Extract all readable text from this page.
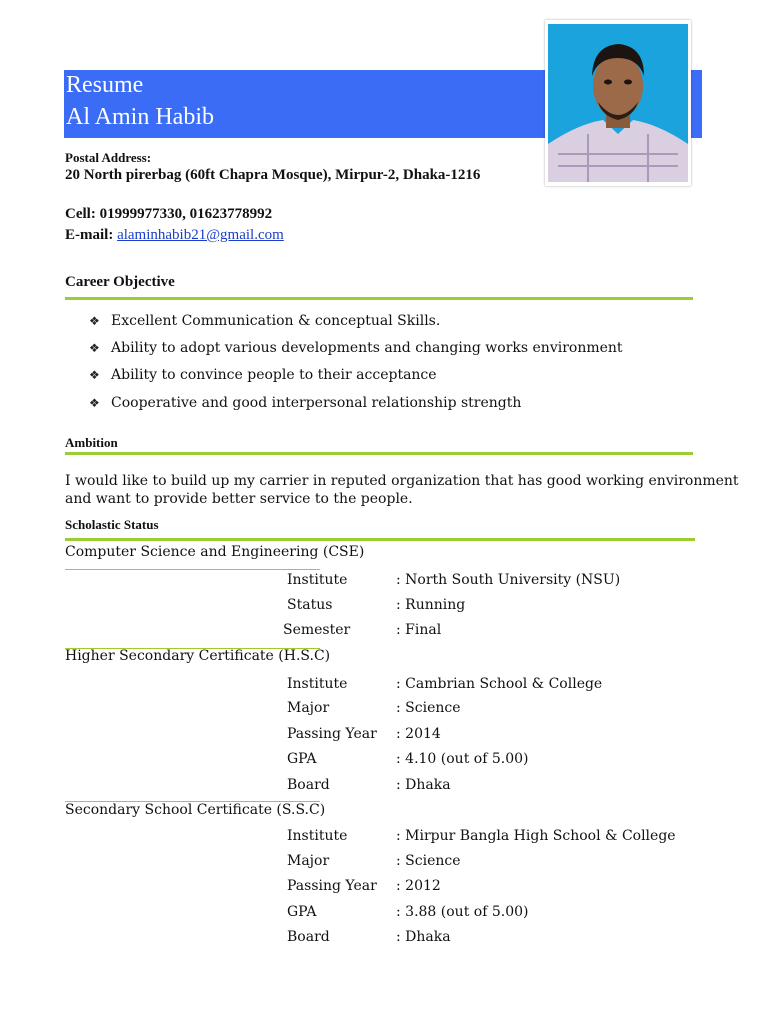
Resume
Al Amin Habib
Postal Address:
20 North pirerbag (60ft Chapra Mosque), Mirpur-2, Dhaka-1216
Cell: 01999977330, 01623778992
E-mail: alaminhabib21@gmail.com
Career Objective
❖ Excellent Communication & conceptual Skills.
❖ Ability to adopt various developments and changing works environment
❖ Ability to convince people to their acceptance
❖ Cooperative and good interpersonal relationship strength
Ambition
I would like to build up my carrier in reputed organization that has good working environment
and want to provide better service to the people.
Scholastic Status
Computer Science and Engineering (CSE)
Institute	: North South University (NSU)
Status	: Running
Semester	: Final
Higher Secondary Certificate (H.S.C)
Institute	: Cambrian School & College
Major	: Science
Passing Year : 2014
GPA	: 4.10 (out of 5.00)
Board	: Dhaka
Secondary School Certificate (S.S.C)
Institute	: Mirpur Bangla High School & College
Major	: Science
Passing Year : 2012
GPA	: 3.88 (out of 5.00)
Board	: Dhaka
